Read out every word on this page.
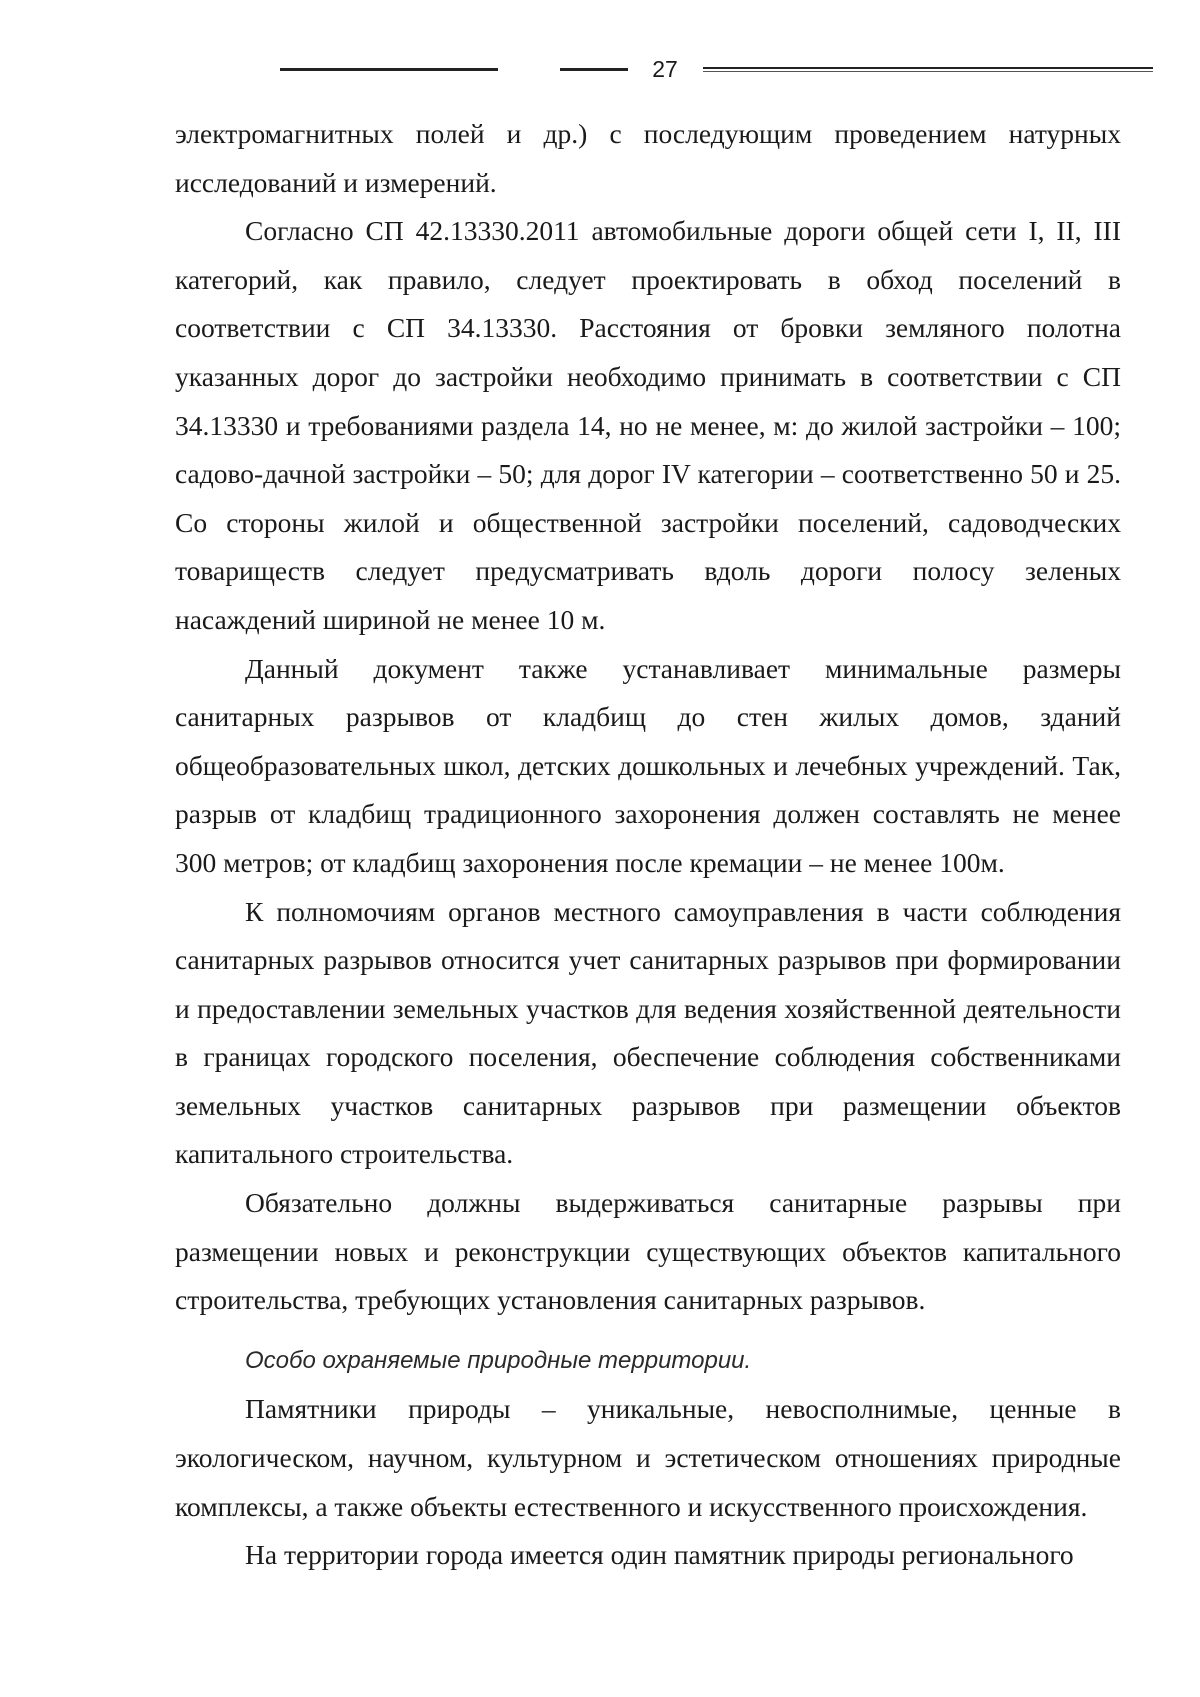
27

электромагнитных полей и др.) с последующим проведением натурных исследований и измерений.

Согласно СП 42.13330.2011 автомобильные дороги общей сети I, II, III категорий, как правило, следует проектировать в обход поселений в соответствии с СП 34.13330. Расстояния от бровки земляного полотна указанных дорог до застройки необходимо принимать в соответствии с СП 34.13330 и требованиями раздела 14, но не менее, м: до жилой застройки – 100; садово-дачной застройки – 50; для дорог IV категории – соответственно 50 и 25. Со стороны жилой и общественной застройки поселений, садоводческих товариществ следует предусматривать вдоль дороги полосу зеленых насаждений шириной не менее 10 м.

Данный документ также устанавливает минимальные размеры санитарных разрывов от кладбищ до стен жилых домов, зданий общеобразовательных школ, детских дошкольных и лечебных учреждений. Так, разрыв от кладбищ традиционного захоронения должен составлять не менее 300 метров; от кладбищ захоронения после кремации – не менее 100м.

К полномочиям органов местного самоуправления в части соблюдения санитарных разрывов относится учет санитарных разрывов при формировании и предоставлении земельных участков для ведения хозяйственной деятельности в границах городского поселения, обеспечение соблюдения собственниками земельных участков санитарных разрывов при размещении объектов капитального строительства.

Обязательно должны выдерживаться санитарные разрывы при размещении новых и реконструкции существующих объектов капитального строительства, требующих установления санитарных разрывов.

Особо охраняемые природные территории.

Памятники природы – уникальные, невосполнимые, ценные в экологическом, научном, культурном и эстетическом отношениях природные комплексы, а также объекты естественного и искусственного происхождения.

На территории города имеется один памятник природы регионального
